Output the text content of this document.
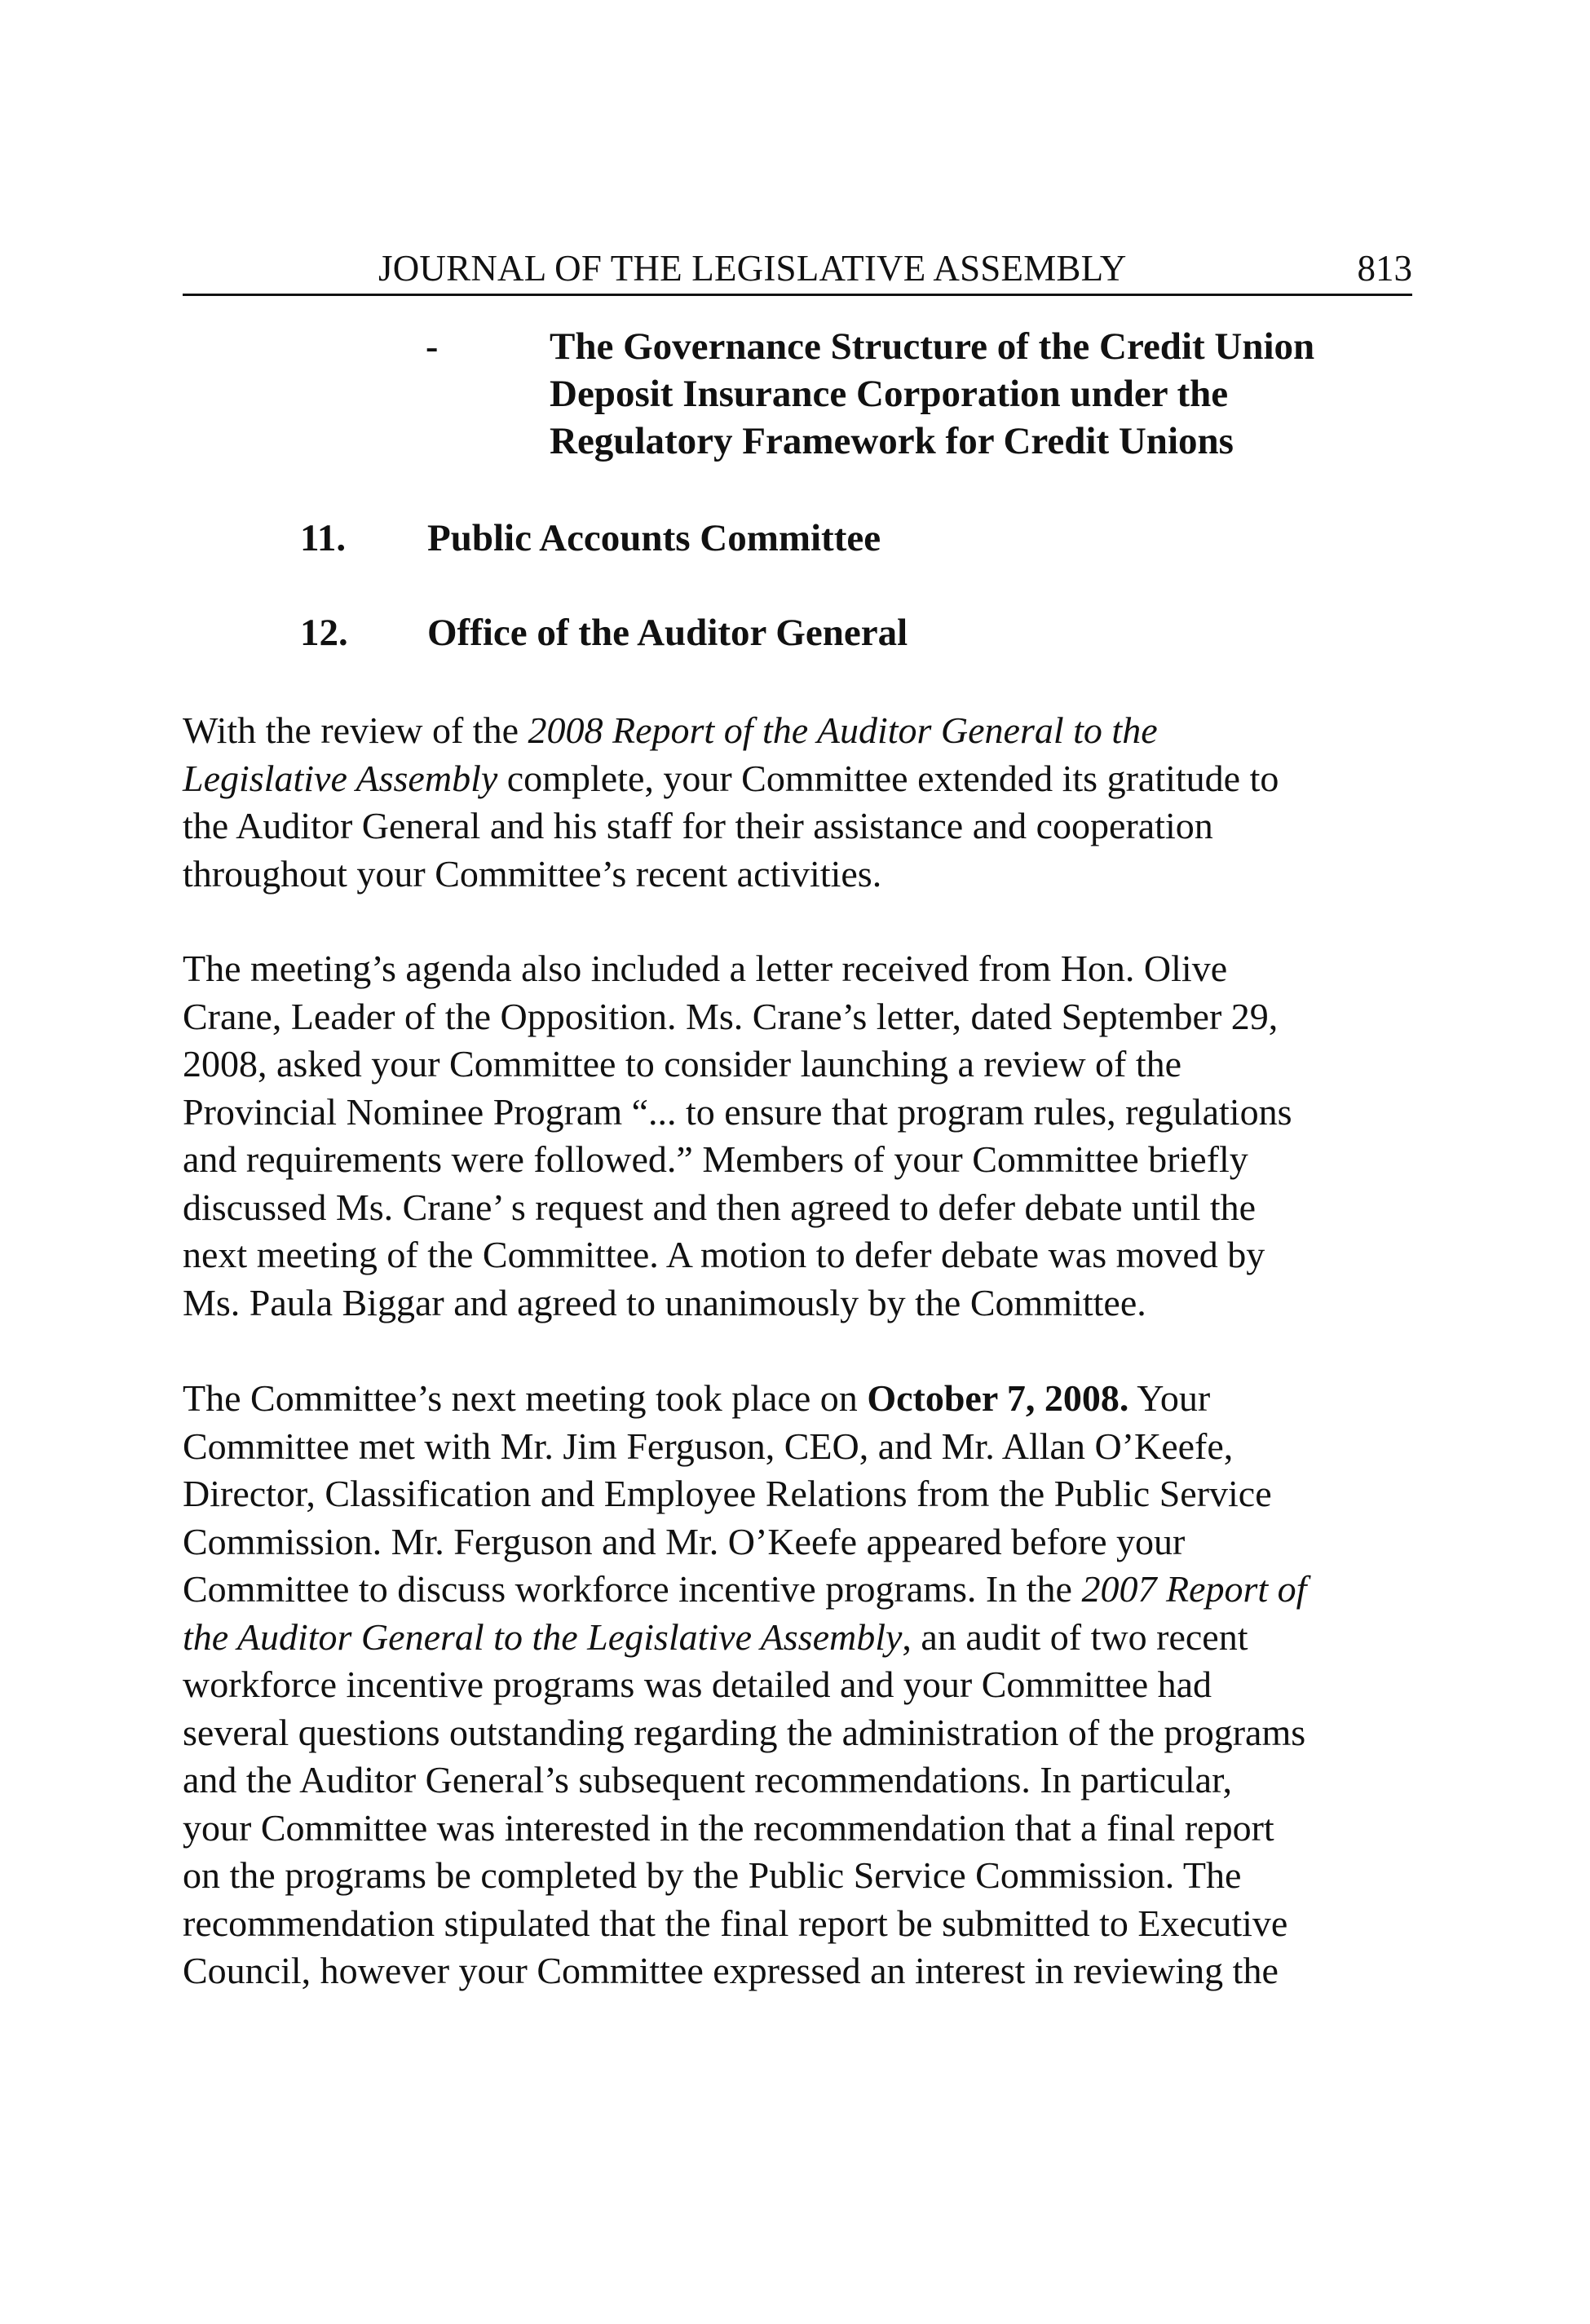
JOURNAL OF THE LEGISLATIVE ASSEMBLY	813
-	The Governance Structure of the Credit Union
Deposit Insurance Corporation under the
Regulatory Framework for Credit Unions
11. Public Accounts Committee
12. Office of the Auditor General
With the review of the 2008 Report of the Auditor General to the
Legislative Assembly complete, your Committee extended its gratitude to
the Auditor General and his staff for their assistance and cooperation
throughout your Committee’s recent activities.
The meeting’s agenda also included a letter received from Hon. Olive
Crane, Leader of the Opposition. Ms. Crane’s letter, dated September 29,
2008, asked your Committee to consider launching a review of the
Provincial Nominee Program “... to ensure that program rules, regulations
and requirements were followed.” Members of your Committee briefly
discussed Ms. Crane’ s request and then agreed to defer debate until the
next meeting of the Committee. A motion to defer debate was moved by
Ms. Paula Biggar and agreed to unanimously by the Committee.
The Committee’s next meeting took place on October 7, 2008. Your
Committee met with Mr. Jim Ferguson, CEO, and Mr. Allan O’Keefe,
Director, Classification and Employee Relations from the Public Service
Commission. Mr. Ferguson and Mr. O’Keefe appeared before your
Committee to discuss workforce incentive programs. In the 2007 Report of
the Auditor General to the Legislative Assembly, an audit of two recent
workforce incentive programs was detailed and your Committee had
several questions outstanding regarding the administration of the programs
and the Auditor General’s subsequent recommendations. In particular,
your Committee was interested in the recommendation that a final report
on the programs be completed by the Public Service Commission. The
recommendation stipulated that the final report be submitted to Executive
Council, however your Committee expressed an interest in reviewing the
